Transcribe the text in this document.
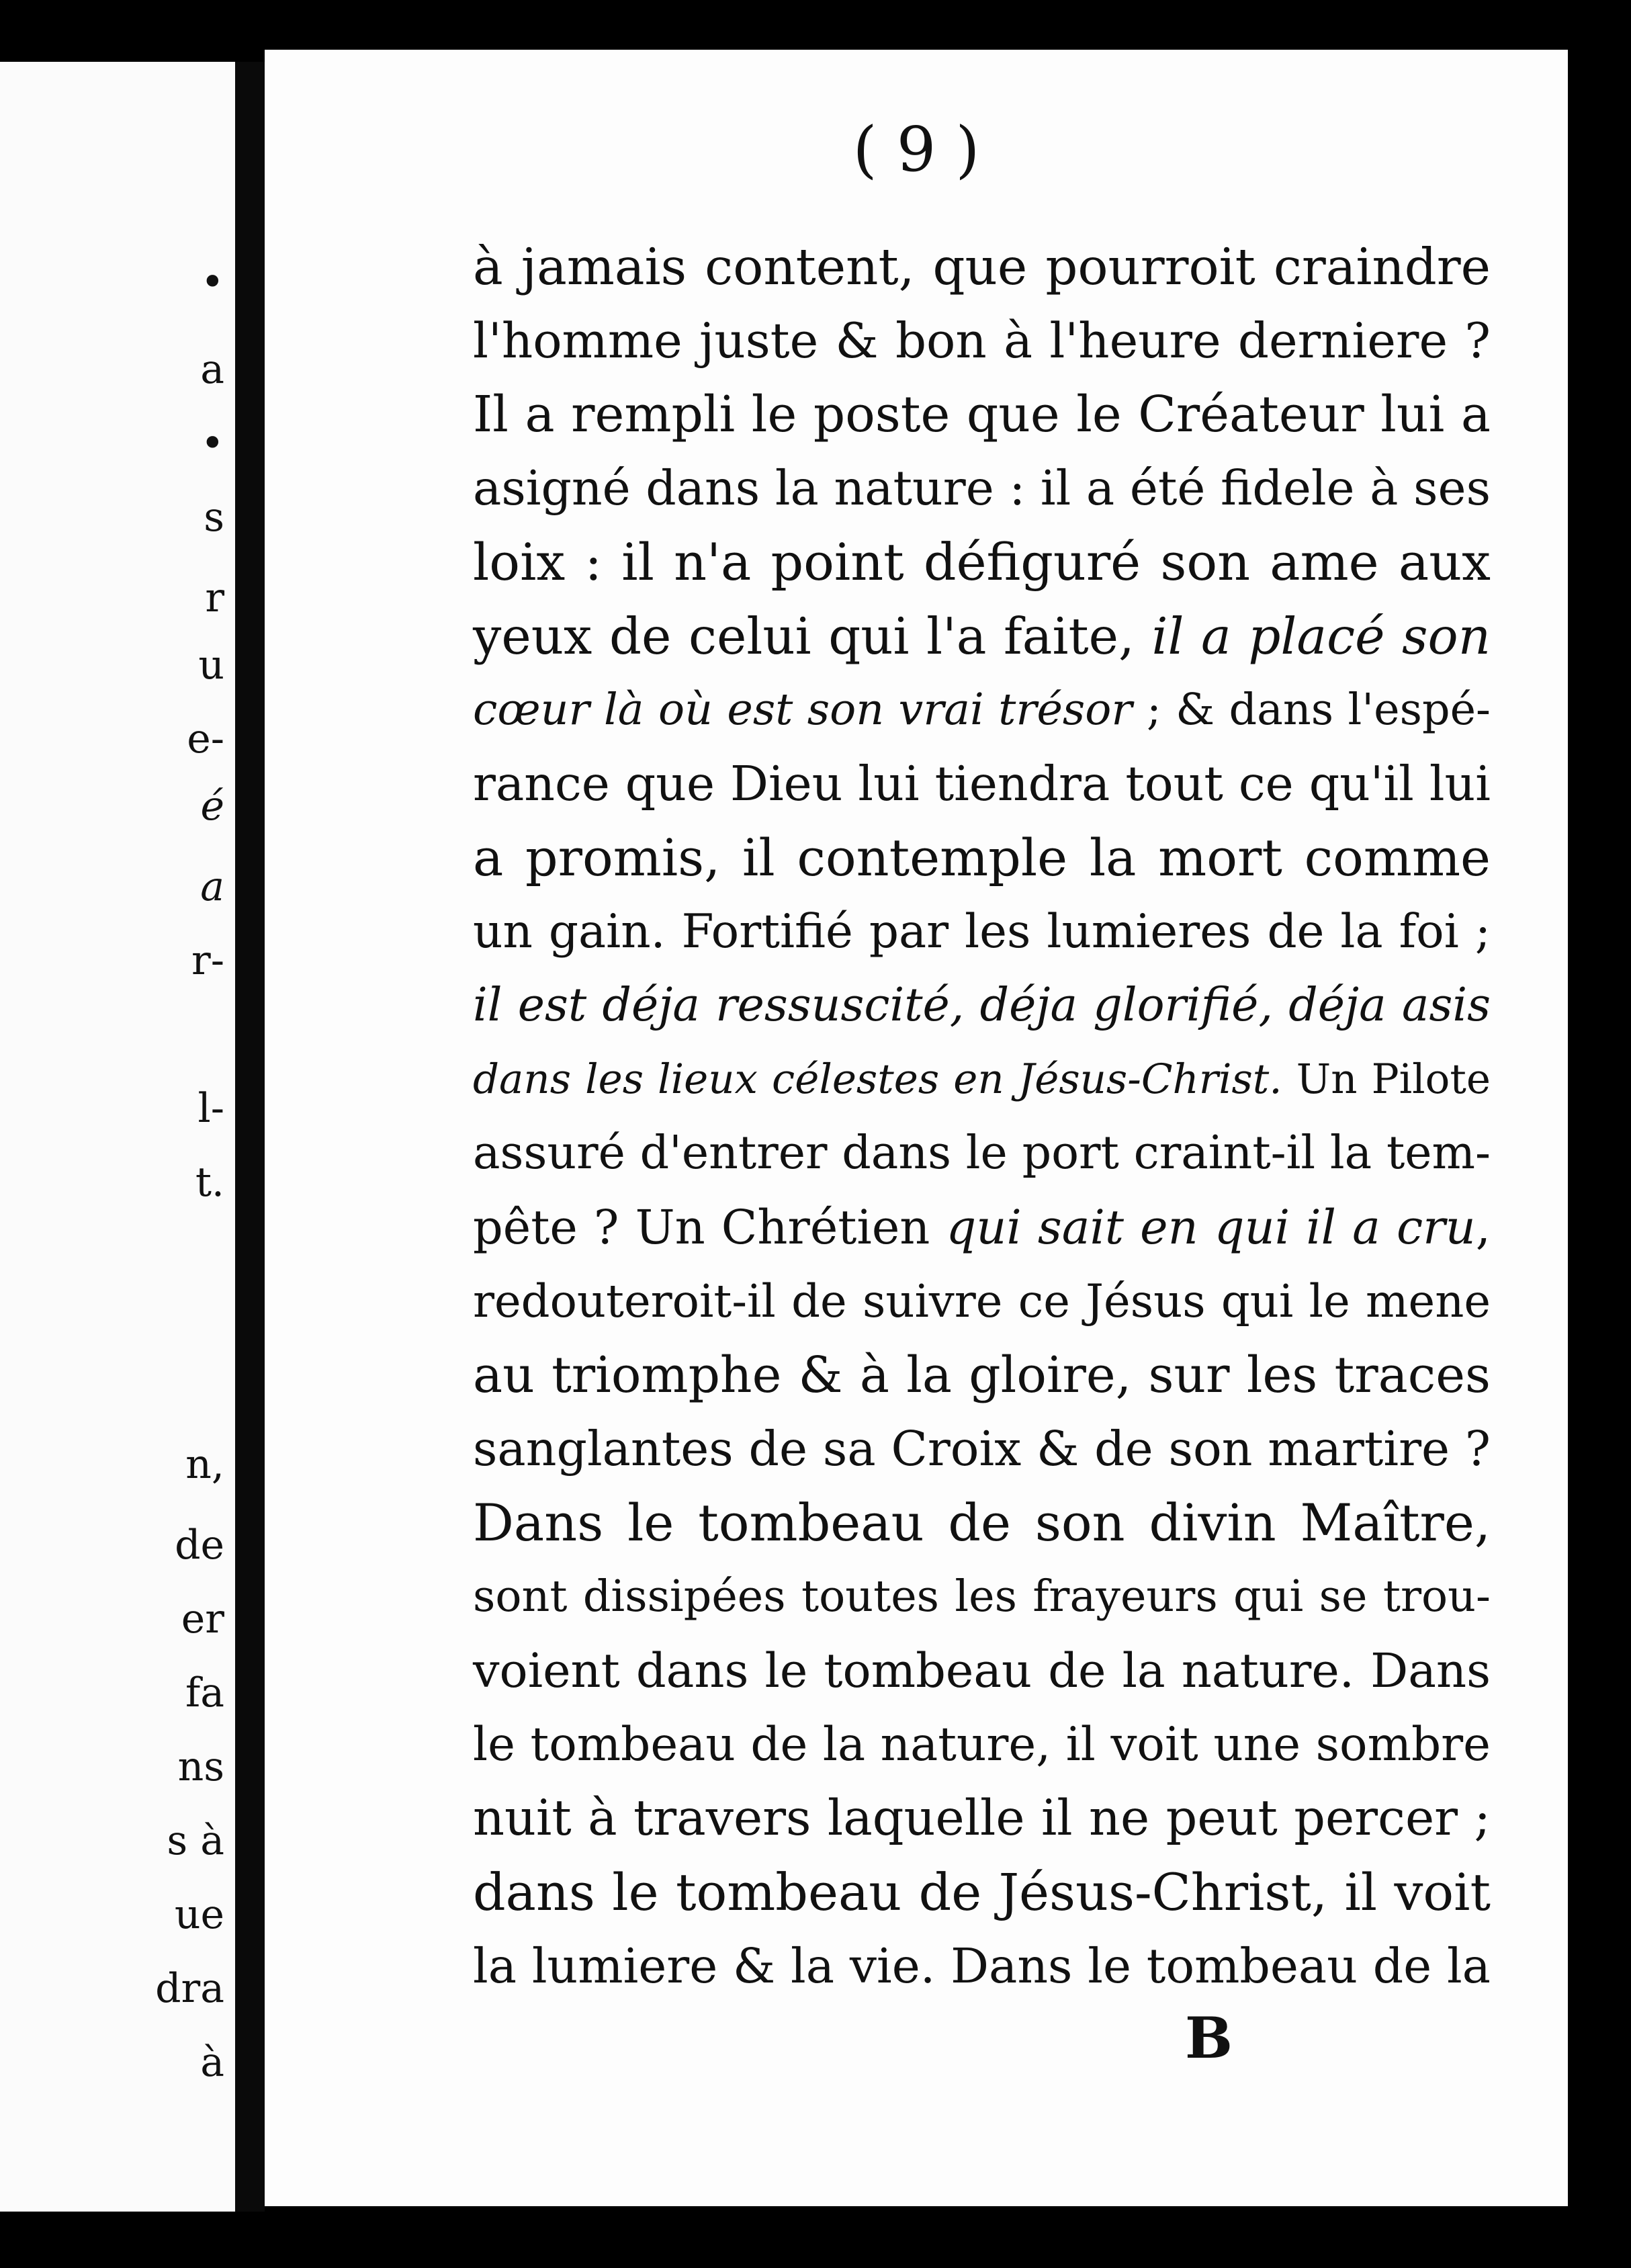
•
a
•
s
r
u
e-
é
a
r-
l-
t.
n,
de
er
fa
ns
s à
ue
dra
à
( 9 )
à jamais content, que pourroit craindre
l'homme juste & bon à l'heure derniere ?
Il a rempli le poste que le Créateur lui a
asigné dans la nature : il a été fidele à ses
loix : il n'a point défiguré son ame aux
yeux de celui qui l'a faite, il a placé son
cœur là où est son vrai trésor ; & dans l'espé-
rance que Dieu lui tiendra tout ce qu'il lui
a promis, il contemple la mort comme
un gain. Fortifié par les lumieres de la foi ;
il est déja ressuscité, déja glorifié, déja asis
dans les lieux célestes en Jésus-Christ. Un Pilote
assuré d'entrer dans le port craint-il la tem-
pête ? Un Chrétien qui sait en qui il a cru,
redouteroit-il de suivre ce Jésus qui le mene
au triomphe & à la gloire, sur les traces
sanglantes de sa Croix & de son martire ?
Dans le tombeau de son divin Maître,
sont dissipées toutes les frayeurs qui se trou-
voient dans le tombeau de la nature. Dans
le tombeau de la nature, il voit une sombre
nuit à travers laquelle il ne peut percer ;
dans le tombeau de Jésus-Christ, il voit
la lumiere & la vie. Dans le tombeau de la
B
